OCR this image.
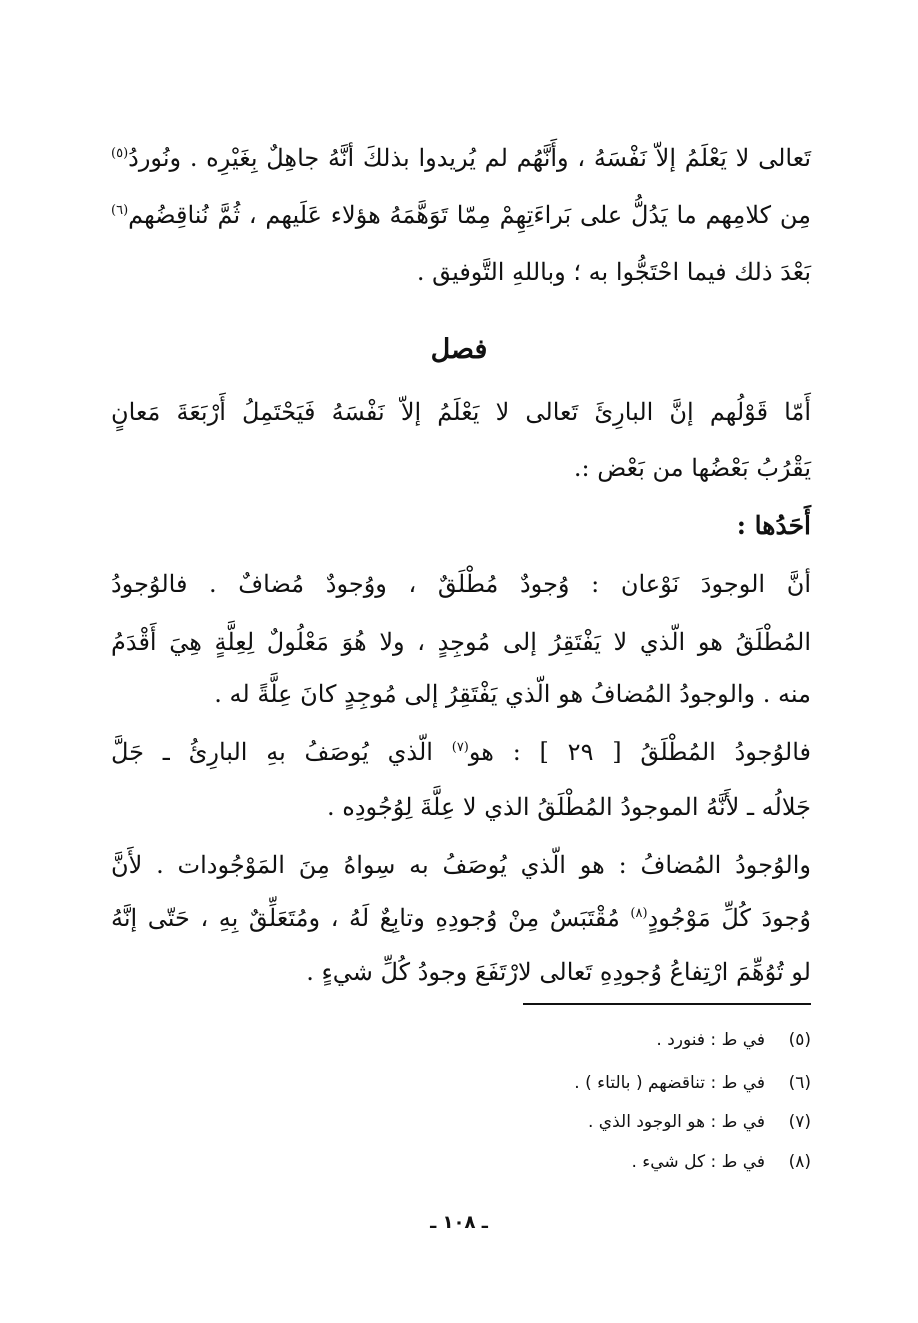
تَعالى لا يَعْلَمُ إلاّ نَفْسَهُ ، وأَنَّهُم لم يُريدوا بذلكَ أنَّهُ جاهِلٌ بِغَيْرِه . ونُوردُ$^{(٥)}$
مِن كلامِهم ما يَدُلُّ على بَراءَتِهِمْ مِمّا تَوَهَّمَهُ هؤلاء عَلَيهم ، ثُمَّ نُناقِضُهم$^{(٦)}$
بَعْدَ ذلك فيما احْتَجُّوا به ؛ وباللهِ التَّوفيق .
فصل
أَمّا قَوْلُهم إنَّ البارِئَ تَعالى لا يَعْلَمُ إلاّ نَفْسَهُ فَيَحْتَمِلُ أَرْبَعَةَ مَعانٍ
يَقْرُبُ بَعْضُها من بَعْض :.
أَحَدُها :
أنَّ الوجودَ نَوْعان : وُجودٌ مُطْلَقٌ ، ووُجودٌ مُضافٌ . فالوُجودُ
المُطْلَقُ هو الّذي لا يَفْتَقِرُ إلى مُوجِدٍ ، ولا هُوَ مَعْلُولٌ لِعِلَّةٍ هِيَ أَقْدَمُ
منه . والوجودُ المُضافُ هو الّذي يَفْتَقِرُ إلى مُوجِدٍ كانَ عِلَّةً له .
فالوُجودُ المُطْلَقُ [ ٢٩ ] : هو$^{(٧)}$ الّذي يُوصَفُ بهِ البارِئُ ـ جَلَّ
جَلالُه ـ لأَنَّهُ الموجودُ المُطْلَقُ الذي لا عِلَّةَ لِوُجُودِه .
والوُجودُ المُضافُ : هو الّذي يُوصَفُ به سِواهُ مِنَ المَوْجُودات . لأَنَّ
وُجودَ كُلِّ مَوْجُودٍ$^{(٨)}$ مُقْتَبَسٌ مِنْ وُجودِهِ وتابِعٌ لَهُ ، ومُتَعَلِّقٌ بِهِ ، حَتّى إنَّهُ
لو تُوُهِّمَ ارْتِفاعُ وُجودِهِ تَعالى لارْتَفَعَ وجودُ كُلِّ شيءٍ .
(٥)في ط : فنورد .
(٦)في ط : تناقضهم ( بالتاء ) .
(٧)في ط : هو الوجود الذي .
(٨)في ط : كل شيء .
ـ ١٠٨ ـ
